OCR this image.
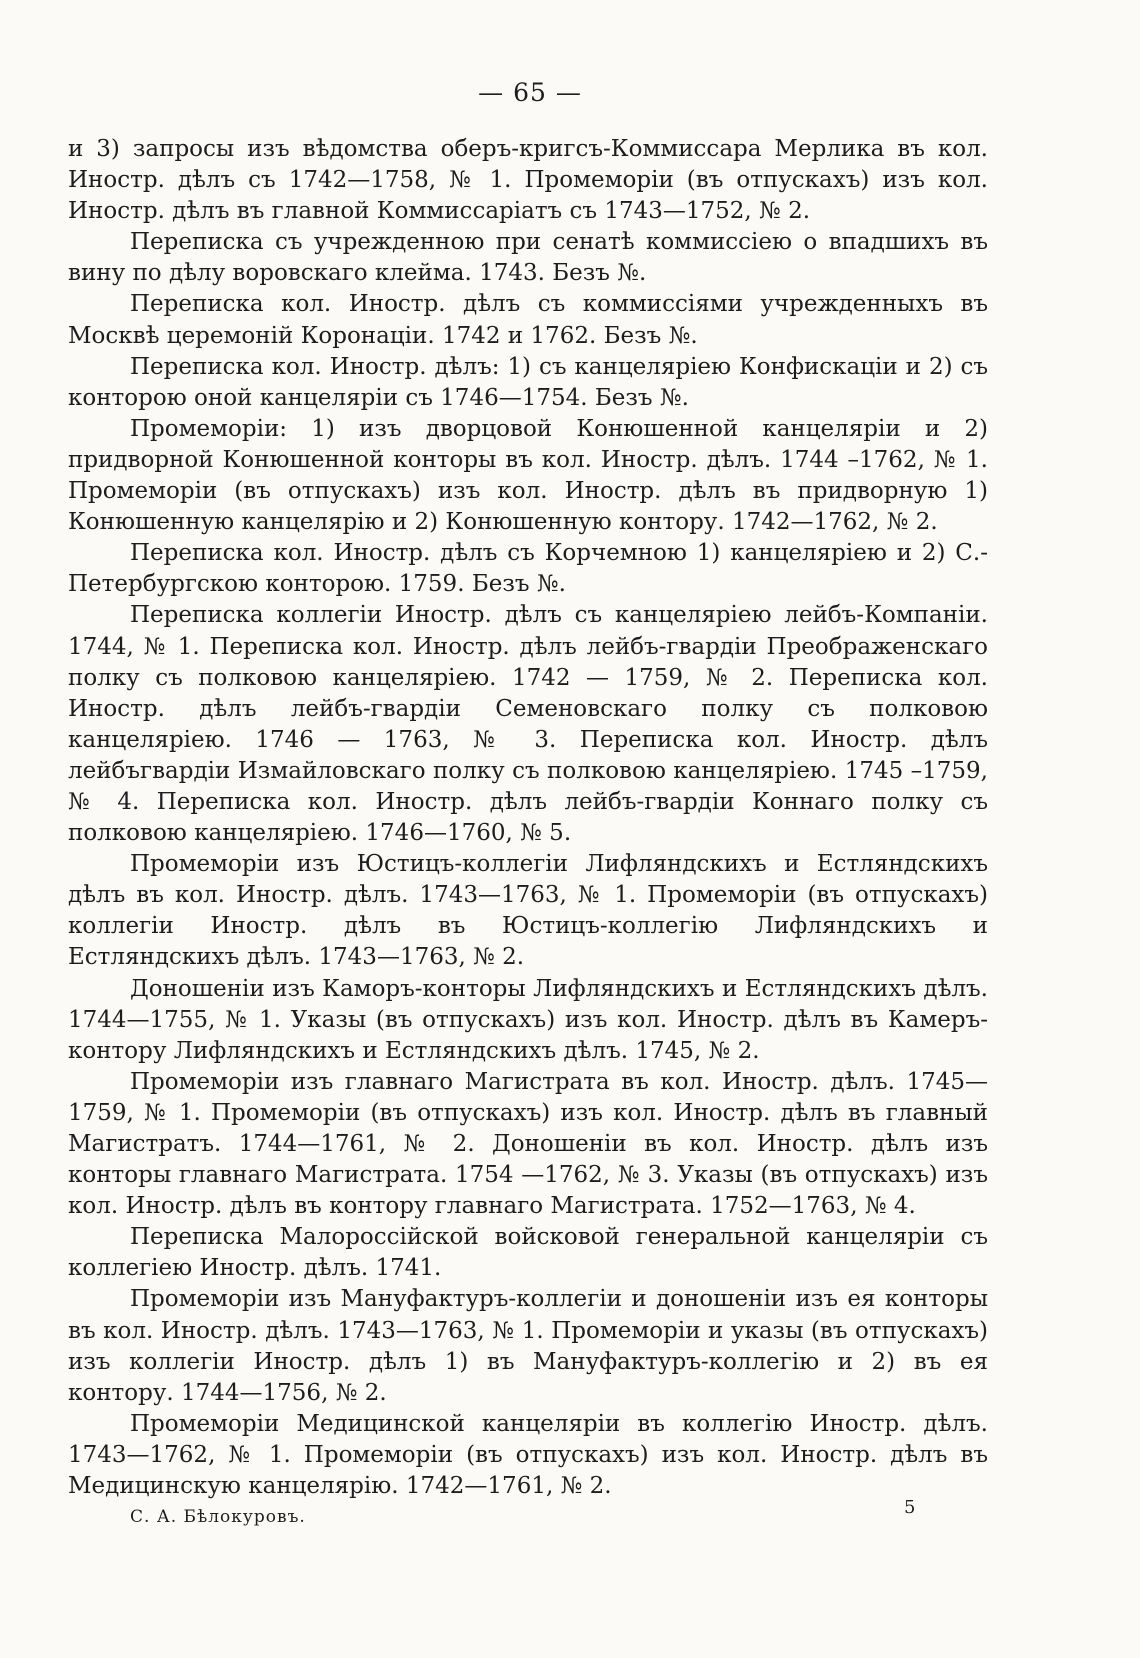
— 65 —

и 3) запросы изъ вѣдомства оберъ-кригсъ-Коммиссара Мерлика въ кол. Иностр. дѣлъ съ 1742—1758, № 1. Промеморіи (въ отпускахъ) изъ кол. Иностр. дѣлъ въ главной Коммиссаріатъ съ 1743—1752, № 2.

Переписка съ учрежденною при сенатѣ коммиссіею о впадшихъ въ вину по дѣлу воровскаго клейма. 1743. Безъ №.

Переписка кол. Иностр. дѣлъ съ коммиссіями учрежденныхъ въ Москвѣ церемоній Коронаціи. 1742 и 1762. Безъ №.

Переписка кол. Иностр. дѣлъ: 1) съ канцеляріею Конфискаціи и 2) съ конторою оной канцеляріи съ 1746—1754. Безъ №.

Промеморіи: 1) изъ дворцовой Конюшенной канцеляріи и 2) придворной Конюшенной конторы въ кол. Иностр. дѣлъ. 1744 –1762, № 1. Промеморіи (въ отпускахъ) изъ кол. Иностр. дѣлъ въ придворную 1) Конюшенную канцелярію и 2) Конюшенную контору. 1742—1762, № 2.

Переписка кол. Иностр. дѣлъ съ Корчемною 1) канцеляріею и 2) С.-Петербургскою конторою. 1759. Безъ №.

Переписка коллегіи Иностр. дѣлъ съ канцеляріею лейбъ-Компаніи. 1744, № 1. Переписка кол. Иностр. дѣлъ лейбъ-гвардіи Преображенскаго полку съ полковою канцеляріею. 1742 — 1759, № 2. Переписка кол. Иностр. дѣлъ лейбъ-гвардіи Семеновскаго полку съ полковою канцеляріею. 1746 — 1763, № 3. Переписка кол. Иностр. дѣлъ лейбъгвардіи Измайловскаго полку съ полковою канцеляріею. 1745 –1759, № 4. Переписка кол. Иностр. дѣлъ лейбъ-гвардіи Коннаго полку съ полковою канцеляріею. 1746—1760, № 5.

Промеморіи изъ Юстицъ-коллегіи Лифляндскихъ и Естляндскихъ дѣлъ въ кол. Иностр. дѣлъ. 1743—1763, № 1. Промеморіи (въ отпускахъ) коллегіи Иностр. дѣлъ въ Юстицъ-коллегію Лифляндскихъ и Естляндскихъ дѣлъ. 1743—1763, № 2.

Доношеніи изъ Каморъ-конторы Лифляндскихъ и Естляндскихъ дѣлъ. 1744—1755, № 1. Указы (въ отпускахъ) изъ кол. Иностр. дѣлъ въ Камеръ-контору Лифляндскихъ и Естляндскихъ дѣлъ. 1745, № 2.

Промеморіи изъ главнаго Магистрата въ кол. Иностр. дѣлъ. 1745—1759, № 1. Промеморіи (въ отпускахъ) изъ кол. Иностр. дѣлъ въ главный Магистратъ. 1744—1761, № 2. Доношеніи въ кол. Иностр. дѣлъ изъ конторы главнаго Магистрата. 1754 —1762, № 3. Указы (въ отпускахъ) изъ кол. Иностр. дѣлъ въ контору главнаго Магистрата. 1752—1763, № 4.

Переписка Малороссійской войсковой генеральной канцеляріи съ коллегіею Иностр. дѣлъ. 1741.

Промеморіи изъ Мануфактуръ-коллегіи и доношеніи изъ ея конторы въ кол. Иностр. дѣлъ. 1743—1763, № 1. Промеморіи и указы (въ отпускахъ) изъ коллегіи Иностр. дѣлъ 1) въ Мануфактуръ-коллегію и 2) въ ея контору. 1744—1756, № 2.

Промеморіи Медицинской канцеляріи въ коллегію Иностр. дѣлъ. 1743—1762, № 1. Промеморіи (въ отпускахъ) изъ кол. Иностр. дѣлъ въ Медицинскую канцелярію. 1742—1761, № 2.

С. А. Бѣлокуровъ.	5
